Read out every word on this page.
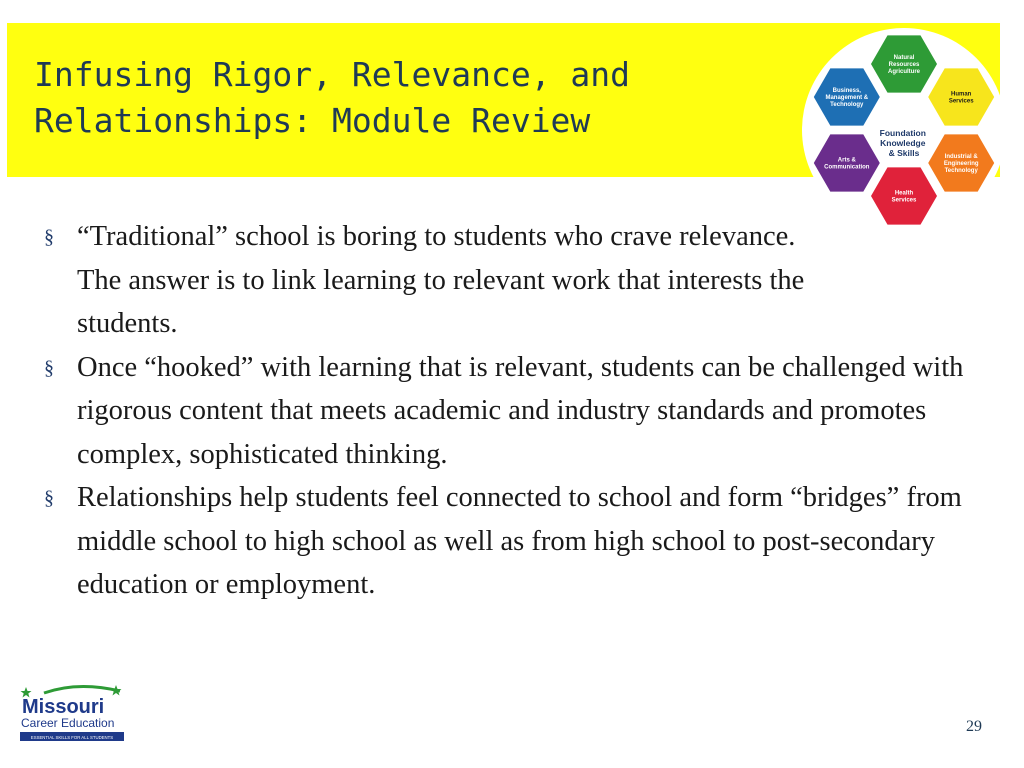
Infusing Rigor, Relevance, and
Relationships: Module Review
Natural Resources Agriculture
Human Services
Industrial & Engineering Technology
Health Services
Arts & Communication
Business, Management & Technology
Foundation Knowledge & Skills
§ “Traditional” school is boring to students who crave relevance. The answer is to link learning to relevant work that interests the students.
§ Once “hooked” with learning that is relevant, students can be challenged with rigorous content that meets academic and industry standards and promotes complex, sophisticated thinking.
§ Relationships help students feel connected to school and form “bridges” from middle school to high school as well as from high school to post-secondary education or employment.
Missouri
Career Education
ESSENTIAL SKILLS FOR ALL STUDENTS
29
